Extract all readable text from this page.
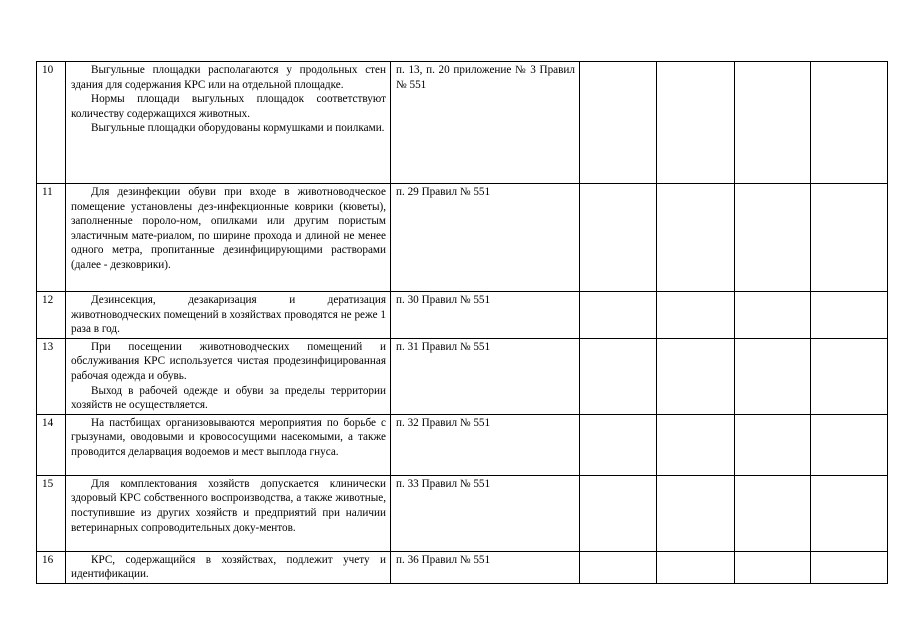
10	Выгульные площадки располагаются у продольных стен здания для содержания КРС или на отдельной площадке.

Нормы площади выгульных площадок соответствуют количеству содержащихся животных.

Выгульные площадки оборудованы кормушками и поилками.	п. 13, п. 20 приложение № 3 Правил № 551				
11	Для дезинфекции обуви при входе в животноводческое помещение установлены дез-инфекционные коврики (кюветы), заполненные пороло-ном, опилками или другим пористым эластичным мате-риалом, по ширине прохода и длиной не менее одного метра, пропитанные дезинфицирующими растворами (далее - дезковрики).	п. 29 Правил № 551				
12	Дезинсекция, дезакаризация и дератизация животноводческих помещений в хозяйствах проводятся не реже 1 раза в год.	п. 30 Правил № 551				
13	При посещении животноводческих помещений и обслуживания КРС используется чистая продезинфицированная рабочая одежда и обувь.

Выход в рабочей одежде и обуви за пределы территории хозяйств не осуществляется.	п. 31 Правил № 551				
14	На пастбищах организовываются мероприятия по борьбе с грызунами, оводовыми и кровососущими насекомыми, а также проводится деларвация водоемов и мест выплода гнуса.	п. 32 Правил № 551				
15	Для комплектования хозяйств допускается клинически здоровый КРС собственного воспроизводства, а также животные, поступившие из других хозяйств и предприятий при наличии ветеринарных сопроводительных доку-ментов.	п. 33 Правил № 551				
16	КРС, содержащийся в хозяйствах, подлежит учету и идентификации.	п. 36 Правил № 551				
